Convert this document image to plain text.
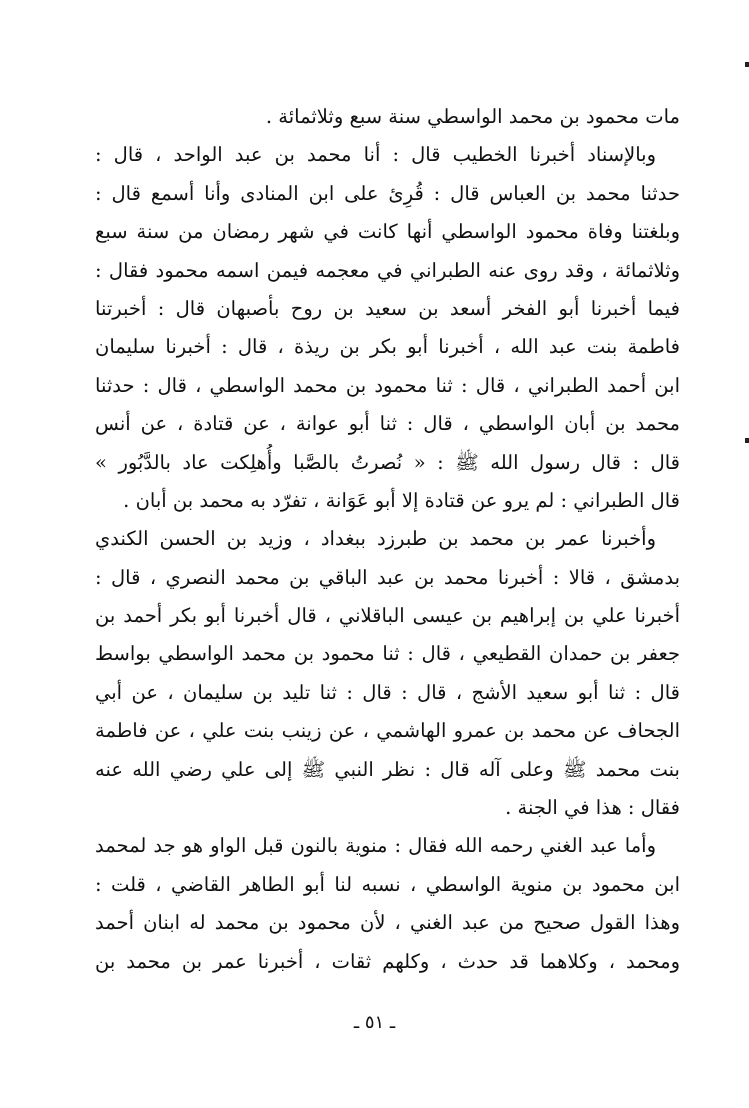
مات محمود بن محمد الواسطي سنة سبع وثلاثمائة .
وبالإسناد أخبرنا الخطيب قال : أنا محمد بن عبد الواحد ، قال :
حدثنا محمد بن العباس قال : قُرِئ على ابن المنادى وأنا أسمع قال :
وبلغتنا وفاة محمود الواسطي أنها كانت في شهر رمضان من سنة سبع
وثلاثمائة ، وقد روى عنه الطبراني في معجمه فيمن اسمه محمود فقال :
فيما أخبرنا أبو الفخر أسعد بن سعيد بن روح بأصبهان قال : أخبرتنا
فاطمة بنت عبد الله ، أخبرنا أبو بكر بن ريذة ، قال : أخبرنا سليمان
ابن أحمد الطبراني ، قال : ثنا محمود بن محمد الواسطي ، قال : حدثنا
محمد بن أبان الواسطي ، قال : ثنا أبو عوانة ، عن قتادة ، عن أنس
قال : قال رسول الله ﷺ : « نُصرتُ بالصَّبا وأُهلِكت عاد بالدَّبُور »
قال الطبراني : لم يرو عن قتادة إلا أبو عَوَانة ، تفرّد به محمد بن أبان .
وأخبرنا عمر بن محمد بن طبرزد ببغداد ، وزيد بن الحسن الكندي
بدمشق ، قالا : أخبرنا محمد بن عبد الباقي بن محمد النصري ، قال :
أخبرنا علي بن إبراهيم بن عيسى الباقلاني ، قال أخبرنا أبو بكر أحمد بن
جعفر بن حمدان القطيعي ، قال : ثنا محمود بن محمد الواسطي بواسط
قال : ثنا أبو سعيد الأشج ، قال : قال : ثنا تليد بن سليمان ، عن أبي
الجحاف عن محمد بن عمرو الهاشمي ، عن زينب بنت علي ، عن فاطمة
بنت محمد ﷺ وعلى آله قال : نظر النبي ﷺ إلى علي رضي الله عنه
فقال : هذا في الجنة .
وأما عبد الغني رحمه الله فقال : منوية بالنون قبل الواو هو جد لمحمد
ابن محمود بن منوية الواسطي ، نسبه لنا أبو الطاهر القاضي ، قلت :
وهذا القول صحيح من عبد الغني ، لأن محمود بن محمد له ابنان أحمد
ومحمد ، وكلاهما قد حدث ، وكلهم ثقات ، أخبرنا عمر بن محمد بن
ـ ٥١ ـ
